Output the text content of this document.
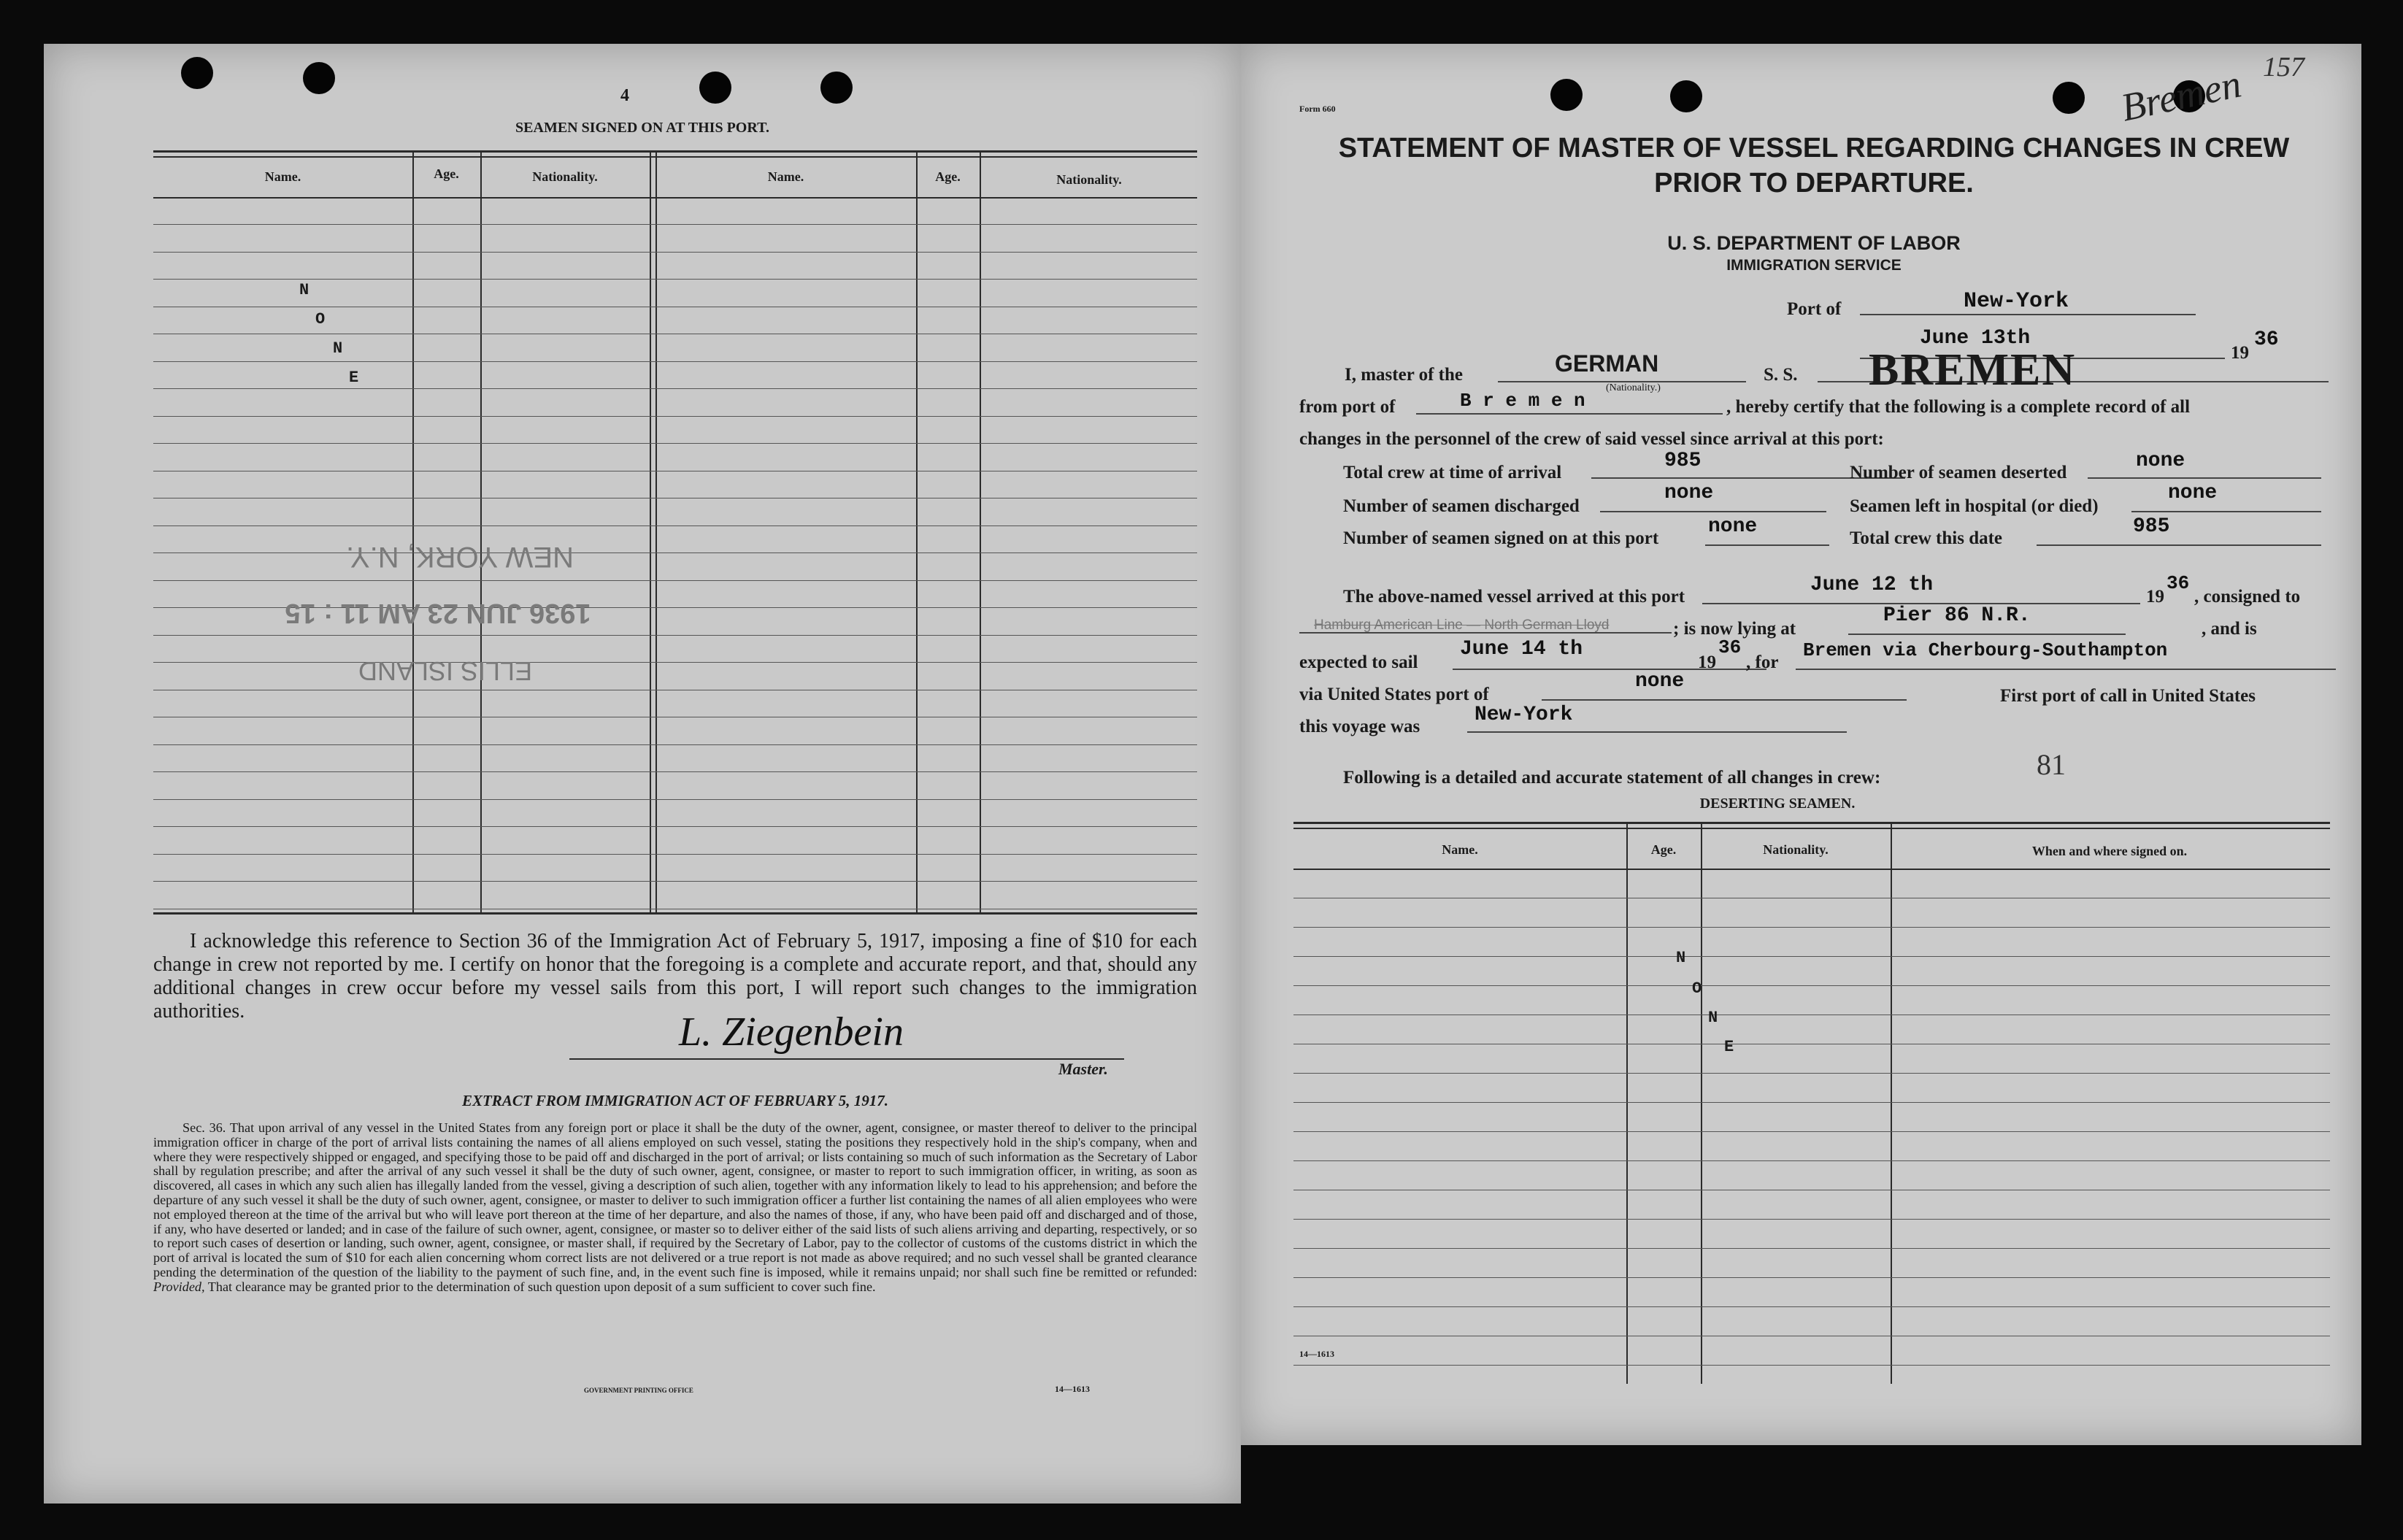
4
SEAMEN SIGNED ON AT THIS PORT.
Name.	Age.	Nationality.	Name.	Age.	Nationality.
N
O
N
E
NEW YORK, N.Y.
1936 JUN 23 AM 11 : 15
ELLIS ISLAND
I acknowledge this reference to Section 36 of the Immigration Act of February 5, 1917, imposing a fine of $10 for each change in crew not reported by me. I certify on honor that the foregoing is a complete and accurate report, and that, should any additional changes in crew occur before my vessel sails from this port, I will report such changes to the immigration authorities.	L. Ziegenbein
Master.
EXTRACT FROM IMMIGRATION ACT OF FEBRUARY 5, 1917.

Sec. 36. That upon arrival of any vessel in the United States from any foreign port or place it shall be the duty of the owner, agent, consignee, or master thereof to deliver to the principal immigration officer in charge of the port of arrival lists containing the names of all aliens employed on such vessel, stating the positions they respectively hold in the ship's company, when and where they were respectively shipped or engaged, and specifying those to be paid off and discharged in the port of arrival; or lists containing so much of such information as the Secretary of Labor shall by regulation prescribe; and after the arrival of any such vessel it shall be the duty of such owner, agent, consignee, or master to report to such immigration officer, in writing, as soon as discovered, all cases in which any such alien has illegally landed from the vessel, giving a description of such alien, together with any information likely to lead to his apprehension; and before the departure of any such vessel it shall be the duty of such owner, agent, consignee, or master to deliver to such immigration officer a further list containing the names of all alien employees who were not employed thereon at the time of the arrival but who will leave port thereon at the time of her departure, and also the names of those, if any, who have been paid off and discharged and of those, if any, who have deserted or landed; and in case of the failure of such owner, agent, consignee, or master so to deliver either of the said lists of such aliens arriving and departing, respectively, or so to report such cases of desertion or landing, such owner, agent, consignee, or master shall, if required by the Secretary of Labor, pay to the collector of customs of the customs district in which the port of arrival is located the sum of $10 for each alien concerning whom correct lists are not delivered or a true report is not made as above required; and no such vessel shall be granted clearance pending the determination of the question of the liability to the payment of such fine, and, in the event such fine is imposed, while it remains unpaid; nor shall such fine be remitted or refunded: Provided, That clearance may be granted prior to the determination of such question upon deposit of a sum sufficient to cover such fine.

GOVERNMENT PRINTING OFFICE	14—1613
Form 660
157
Bremen
STATEMENT OF MASTER OF VESSEL REGARDING CHANGES IN CREW
PRIOR TO DEPARTURE.
U. S. DEPARTMENT OF LABOR
IMMIGRATION SERVICE
Port of	New-York
June 13th
19
36
I, master of the	GERMAN
(Nationality.)
S. S. BREMEN
from port of	B r e m e n	, hereby certify that the following is a complete record of all
changes in the personnel of the crew of said vessel since arrival at this port:
Total crew at time of arrival
985
Number of seamen deserted
none
Number of seamen discharged
none
Seamen left in hospital (or died)
none
Number of seamen signed on at this port
none
Total crew this date
985
The above-named vessel arrived at this port
June 12 th
19
36
, consigned to
Hamburg American Line — North German Lloyd	; is now lying at
Pier 86 N.R.
, and is
expected to sail
June 14 th
19
36
, for
Bremen via Cherbourg-Southampton
via United States port of
none
First port of call in United States
this voyage was
New-York
Following is a detailed and accurate statement of all changes in crew:	81
DESERTING SEAMEN.
Name.	Age.	Nationality.	When and where signed on.
N
O
N
E
14—1613
